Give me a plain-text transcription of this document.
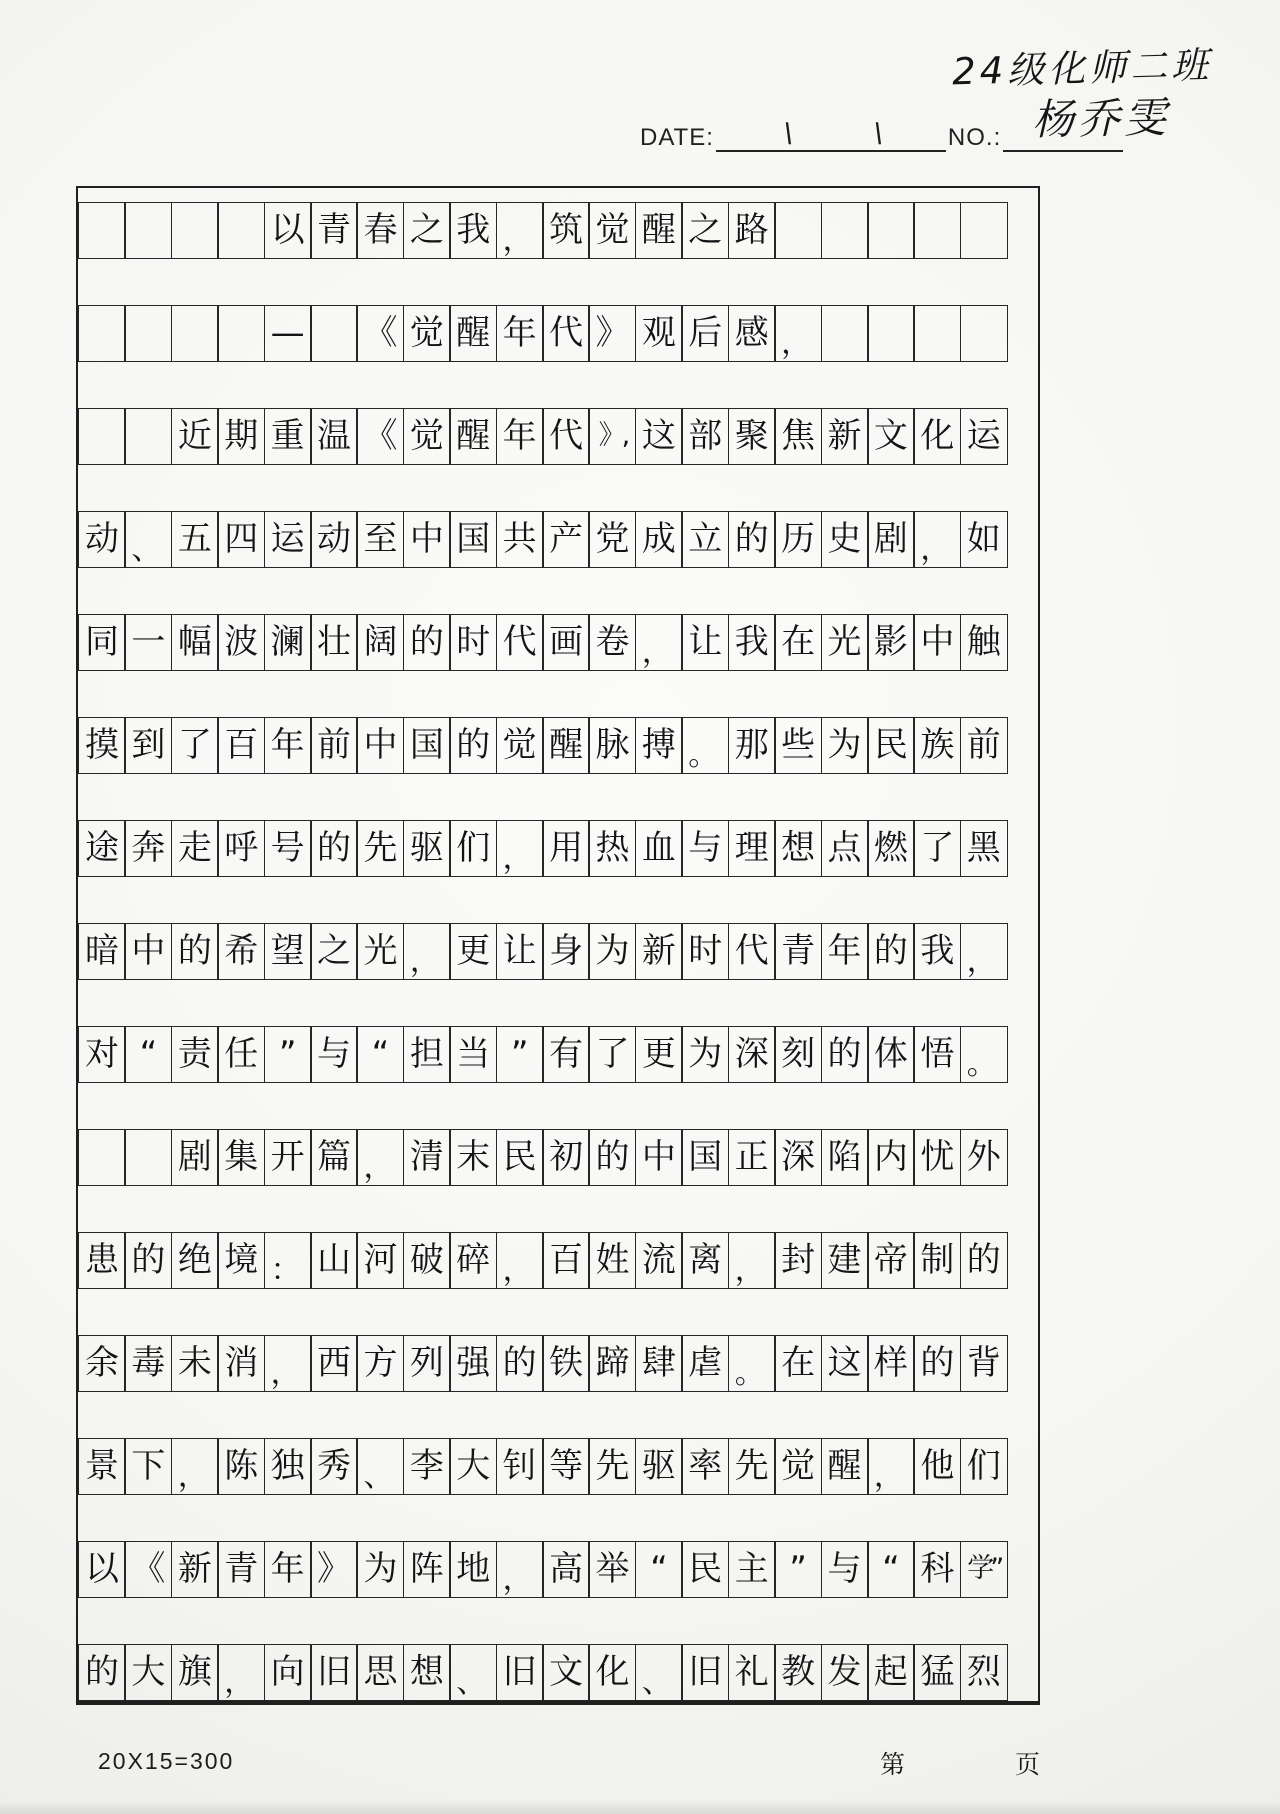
24级化师二班
杨乔雯
DATE: \	\	NO.:
以 青 春 之 我 ， 筑 觉 醒 之 路
— 《 觉 醒 年 代 》 观 后 感 ，
近 期 重 温 《 觉 醒 年 代 》, 这 部 聚 焦 新 文 化 运
动 、 五 四 运 动 至 中 国 共 产 党 成 立 的 历 史 剧 ， 如
同 一 幅 波 澜 壮 阔 的 时 代 画 卷 ， 让 我 在 光 影 中 触
摸 到 了 百 年 前 中 国 的 觉 醒 脉 搏 。 那 些 为 民 族 前
途 奔 走 呼 号 的 先 驱 们 ， 用 热 血 与 理 想 点 燃 了 黑
暗 中 的 希 望 之 光 ， 更 让 身 为 新 时 代 青 年 的 我 ，
对 “ 责 任 ” 与 “ 担 当 ” 有 了 更 为 深 刻 的 体 悟 。
剧 集 开 篇 ， 清 末 民 初 的 中 国 正 深 陷 内 忧 外
患 的 绝 境 ： 山 河 破 碎 ， 百 姓 流 离 ， 封 建 帝 制 的
余 毒 未 消 ， 西 方 列 强 的 铁 蹄 肆 虐 。 在 这 样 的 背
景 下 ， 陈 独 秀 、 李 大 钊 等 先 驱 率 先 觉 醒 ， 他 们
以 《 新 青 年 》 为 阵 地 ， 高 举 “ 民 主 ” 与 “ 科 学”
的 大 旗 ， 向 旧 思 想 、 旧 文 化 、 旧 礼 教 发 起 猛 烈
20X15=300	第	页
